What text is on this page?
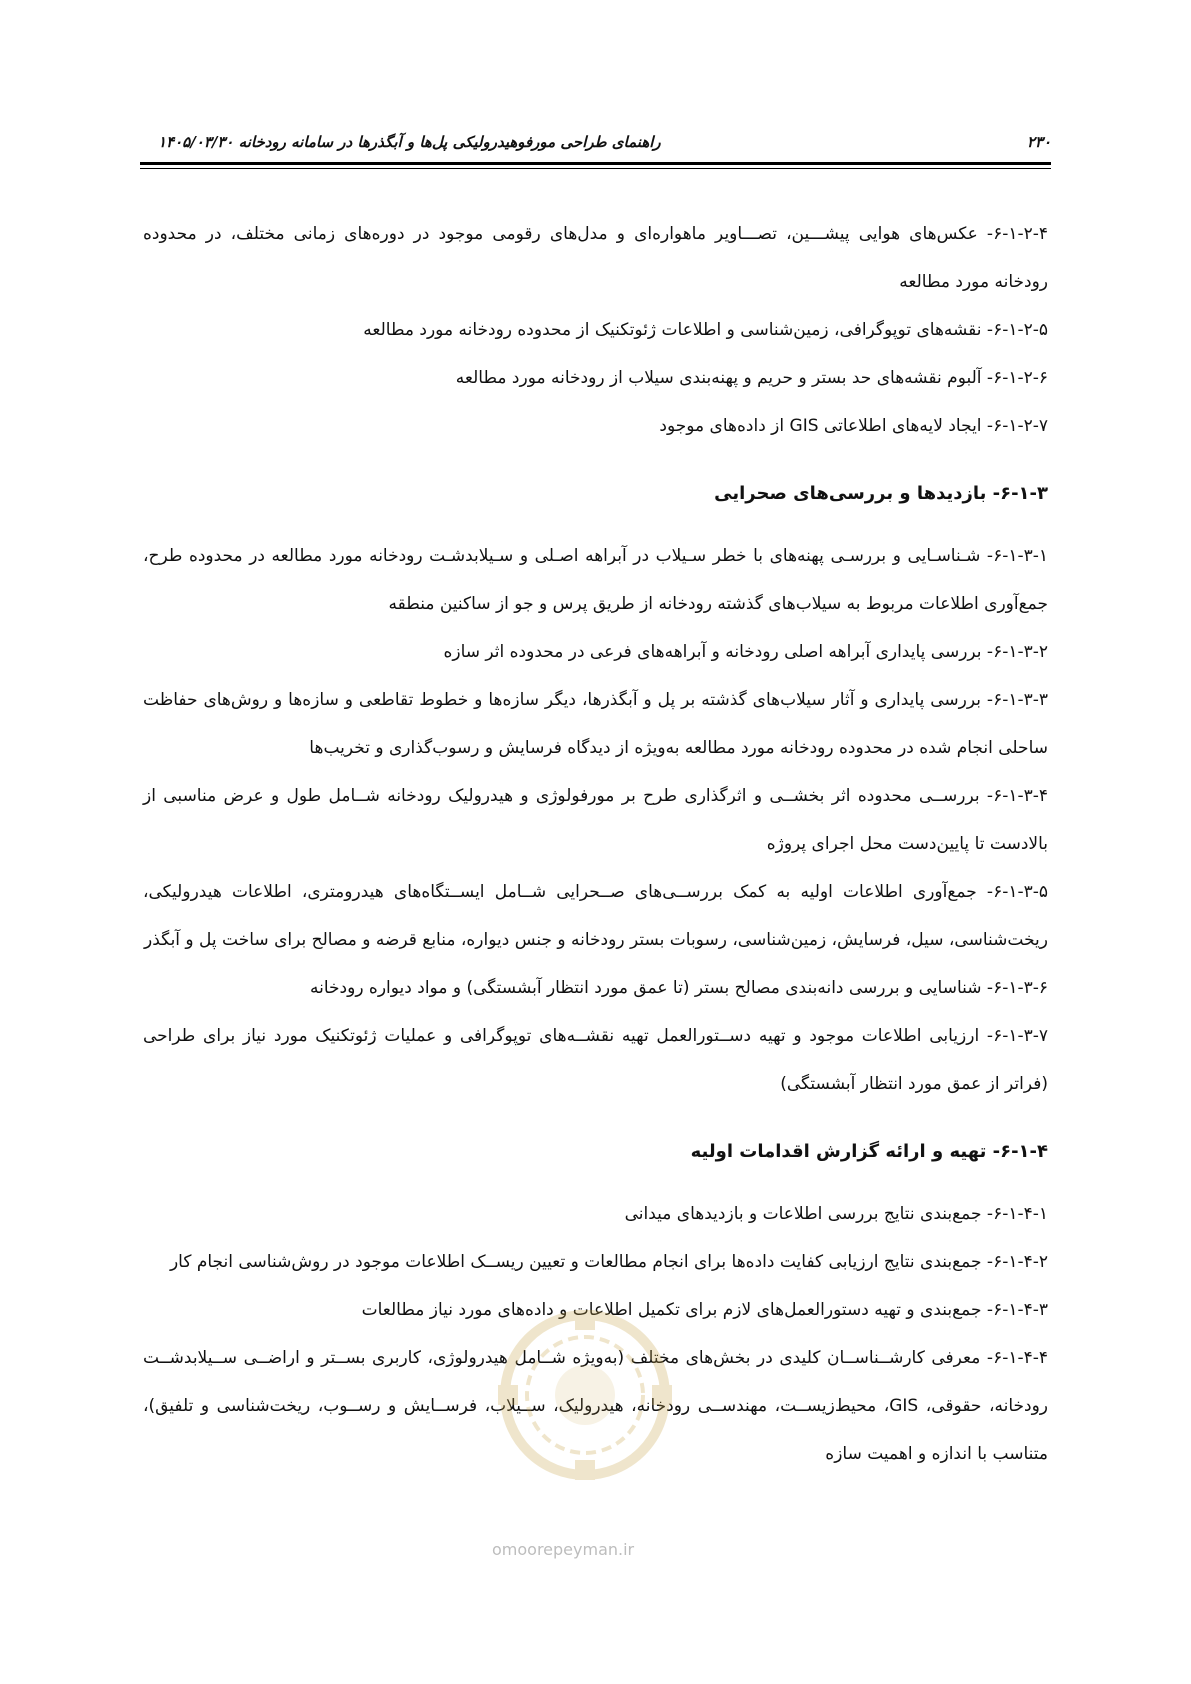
۲۳۰
راهنمای طراحی مورفوهیدرولیکی پل‌ها و آبگذرها در سامانه رودخانه ۱۴۰۵/۰۳/۳۰

۶-۱-۲-۴- عکس‌های هوایی پیشـــین، تصـــاویر ماهواره‌ای و مدل‌های رقومی موجود در دوره‌های زمانی مختلف، در محدوده رودخانه مورد مطالعه

۶-۱-۲-۵- نقشه‌های توپوگرافی، زمین‌شناسی و اطلاعات ژئوتکنیک از محدوده رودخانه مورد مطالعه

۶-۱-۲-۶- آلبوم نقشه‌های حد بستر و حریم و پهنه‌بندی سیلاب از رودخانه مورد مطالعه

۶-۱-۲-۷- ایجاد لایه‌های اطلاعاتی GIS از داده‌های موجود

۶-۱-۳- بازدیدها و بررسی‌های صحرایی

۶-۱-۳-۱- شـناسـایی و بررسـی پهنه‌های با خطر سـیلاب در آبراهه اصـلی و سـیلابدشـت رودخانه مورد مطالعه در محدوده طرح، جمع‌آوری اطلاعات مربوط به سیلاب‌های گذشته رودخانه از طریق پرس و جو از ساکنین منطقه

۶-۱-۳-۲- بررسی پایداری آبراهه اصلی رودخانه و آبراهه‌های فرعی در محدوده اثر سازه

۶-۱-۳-۳- بررسی پایداری و آثار سیلاب‌های گذشته بر پل و آبگذرها، دیگر سازه‌ها و خطوط تقاطعی و سازه‌ها و روش‌های حفاظت ساحلی انجام شده در محدوده رودخانه مورد مطالعه به‌ویژه از دیدگاه فرسایش و رسوب‌گذاری و تخریب‌ها

۶-۱-۳-۴- بررســی محدوده اثر بخشــی و اثرگذاری طرح بر مورفولوژی و هیدرولیک رودخانه شــامل طول و عرض مناسبی از بالادست تا پایین‌دست محل اجرای پروژه

۶-۱-۳-۵- جمع‌آوری اطلاعات اولیه به کمک بررســی‌های صــحرایی شــامل ایســتگاه‌های هیدرومتری، اطلاعات هیدرولیکی، ریخت‌شناسی، سیل، فرسایش، زمین‌شناسی، رسوبات بستر رودخانه و جنس دیواره، منابع قرضه و مصالح برای ساخت پل و آبگذر

۶-۱-۳-۶- شناسایی و بررسی دانه‌بندی مصالح بستر (تا عمق مورد انتظار آبشستگی) و مواد دیواره رودخانه

۶-۱-۳-۷- ارزیابی اطلاعات موجود و تهیه دســتورالعمل تهیه نقشــه‌های توپوگرافی و عملیات ژئوتکنیک مورد نیاز برای طراحی (فراتر از عمق مورد انتظار آبشستگی)

۶-۱-۴- تهیه و ارائه گزارش اقدامات اولیه

۶-۱-۴-۱- جمع‌بندی نتایج بررسی اطلاعات و بازدیدهای میدانی

۶-۱-۴-۲- جمع‌بندی نتایج ارزیابی کفایت داده‌ها برای انجام مطالعات و تعیین ریســک اطلاعات موجود در روش‌شناسی انجام کار

۶-۱-۴-۳- جمع‌بندی و تهیه دستورالعمل‌های لازم برای تکمیل اطلاعات و داده‌های مورد نیاز مطالعات

۶-۱-۴-۴- معرفی کارشــناســان کلیدی در بخش‌های مختلف (به‌ویژه شــامل هیدرولوژی، کاربری بســتر و اراضــی ســیلابدشــت رودخانه، حقوقی، GIS، محیط‌زیســت، مهندســی رودخانه، هیدرولیک، ســیلاب، فرســایش و رســوب، ریخت‌شناسی و تلفیق)، متناسب با اندازه و اهمیت سازه

omoorepeyman.ir
